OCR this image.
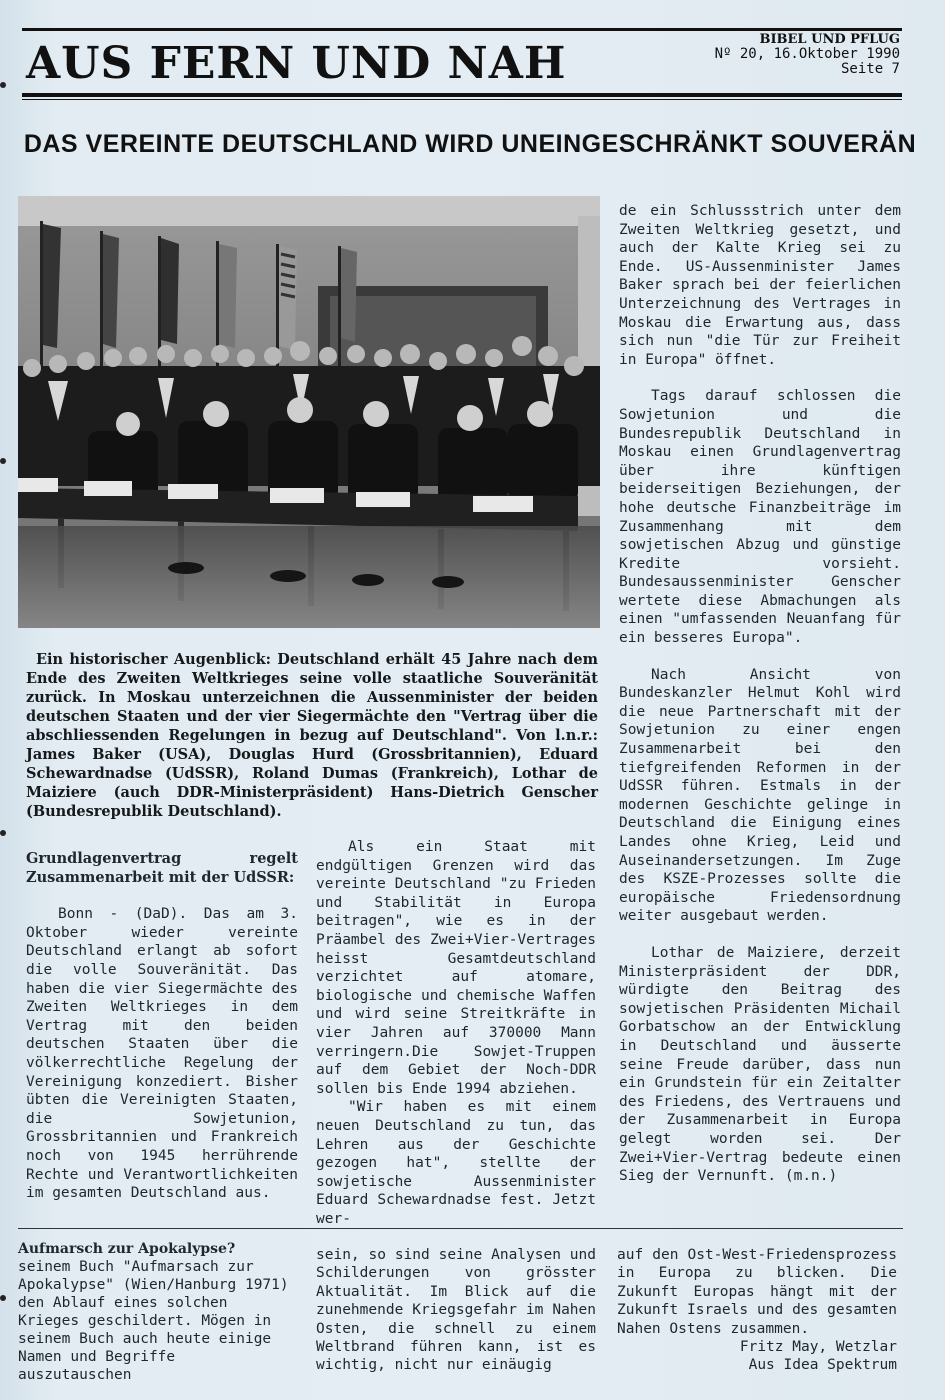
AUS FERN UND NAH	BIBEL UND PFLUG
Nº 20, 16.Oktober 1990
Seite 7
DAS VEREINTE DEUTSCHLAND WIRD UNEINGESCHRÄNKT SOUVERÄN
Ein historischer Augenblick: Deutschland erhält 45 Jahre nach dem Ende des Zweiten Weltkrieges seine volle staatliche Souveränität zurück. In Moskau unterzeichnen die Aussenminister der beiden deutschen Staaten und der vier Siegermächte den "Vertrag über die abschliessenden Regelungen in bezug auf Deutschland". Von l.n.r.: James Baker (USA), Douglas Hurd (Grossbritannien), Eduard Schewardnadse (UdSSR), Roland Dumas (Frankreich), Lothar de Maiziere (auch DDR-Ministerpräsident) Hans-Dietrich Genscher (Bundesrepublik Deutschland).

de ein Schlussstrich unter dem Zweiten Weltkrieg gesetzt, und auch der Kalte Krieg sei zu Ende. US-Aussenminister James Baker sprach bei der feierlichen Unterzeichnung des Vertrages in Moskau die Erwartung aus, dass sich nun "die Tür zur Freiheit in Europa" öffnet.

Tags darauf schlossen die Sowjetunion und die Bundesrepublik Deutschland in Moskau einen Grundlagenvertrag über ihre künftigen beiderseitigen Beziehungen, der hohe deutsche Finanzbeiträge im Zusammenhang mit dem sowjetischen Abzug und günstige Kredite vorsieht. Bundesaussenminister Genscher wertete diese Abmachungen als einen "umfassenden Neuanfang für ein besseres Europa".

Nach Ansicht von Bundeskanzler Helmut Kohl wird die neue Partnerschaft mit der Sowjetunion zu einer engen Zusammenarbeit bei den tiefgreifenden Reformen in der UdSSR führen. Estmals in der modernen Geschichte gelinge in Deutschland die Einigung eines Landes ohne Krieg, Leid und Auseinandersetzungen. Im Zuge des KSZE-Prozesses sollte die europäische Friedensordnung weiter ausgebaut werden.

Lothar de Maiziere, derzeit Ministerpräsident der DDR, würdigte den Beitrag des sowjetischen Präsidenten Michail Gorbatschow an der Entwicklung in Deutschland und äusserte seine Freude darüber, dass nun ein Grundstein für ein Zeitalter des Friedens, des Vertrauens und der Zusammenarbeit in Europa gelegt worden sei. Der Zwei+Vier-Vertrag bedeute einen Sieg der Vernunft. (m.n.)

Grundlagenvertrag regelt Zusammenarbeit mit der UdSSR:

Bonn - (DaD). Das am 3. Oktober wieder vereinte Deutschland erlangt ab sofort die volle Souveränität. Das haben die vier Siegermächte des Zweiten Weltkrieges in dem Vertrag mit den beiden deutschen Staaten über die völkerrechtliche Regelung der Vereinigung konzediert. Bisher übten die Vereinigten Staaten, die Sowjetunion, Grossbritannien und Frankreich noch von 1945 herrührende Rechte und Verantwortlichkeiten im gesamten Deutschland aus.

Als ein Staat mit endgültigen Grenzen wird das vereinte Deutschland "zu Frieden und Stabilität in Europa beitragen", wie es in der Präambel des Zwei+Vier-Vertrages heisst Gesamtdeutschland verzichtet auf atomare, biologische und chemische Waffen und wird seine Streitkräfte in vier Jahren auf 370000 Mann verringern.Die Sowjet-Truppen auf dem Gebiet der Noch-DDR sollen bis Ende 1994 abziehen.

"Wir haben es mit einem neuen Deutschland zu tun, das Lehren aus der Geschichte gezogen hat", stellte der sowjetische Aussenminister Eduard Schewardnadse fest. Jetzt wer-

Aufmarsch zur Apokalypse?

seinem Buch "Aufmarsach zur Apokalypse" (Wien/Hanburg 1971) den Ablauf eines solchen Krieges geschildert. Mögen in seinem Buch auch heute einige Namen und Begriffe auszutauschen

sein, so sind seine Analysen und Schilderungen von grösster Aktualität. Im Blick auf die zunehmende Kriegsgefahr im Nahen Osten, die schnell zu einem Weltbrand führen kann, ist es wichtig, nicht nur einäugig

auf den Ost-West-Friedensprozess in Europa zu blicken. Die Zukunft Europas hängt mit der Zukunft Israels und des gesamten Nahen Ostens zusammen.

Fritz May, Wetzlar

Aus Idea Spektrum
